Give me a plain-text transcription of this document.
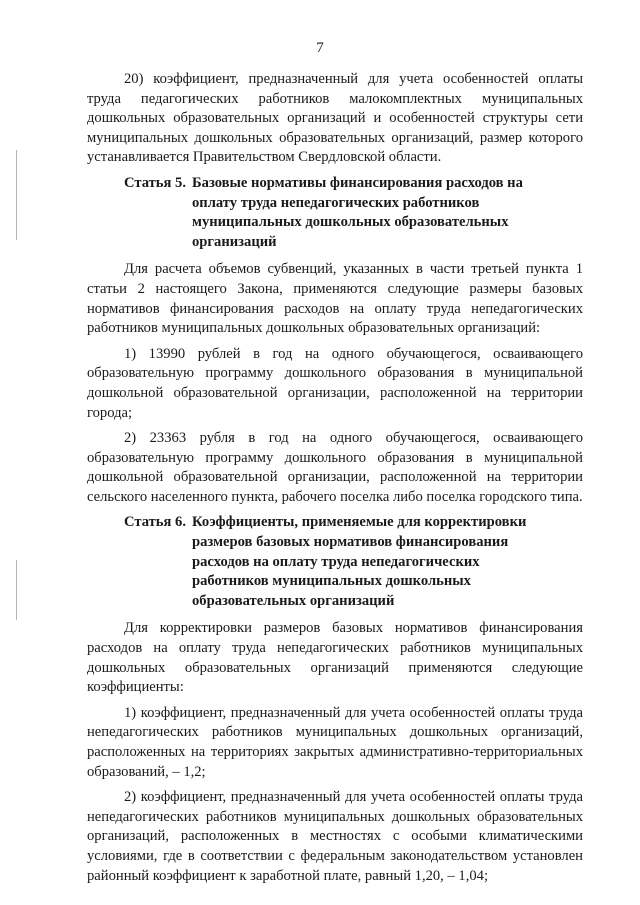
7

20) коэффициент, предназначенный для учета особенностей оплаты труда педагогических работников малокомплектных муниципальных дошкольных образовательных организаций и особенностей структуры сети муниципальных дошкольных образовательных организаций, размер которого устанавливается Правительством Свердловской области.

Статья 5. Базовые нормативы финансирования расходов на оплату труда непедагогических работников муниципальных дошкольных образовательных организаций

Для расчета объемов субвенций, указанных в части третьей пункта 1 статьи 2 настоящего Закона, применяются следующие размеры базовых нормативов финансирования расходов на оплату труда непедагогических работников муниципальных дошкольных образовательных организаций:

1) 13990 рублей в год на одного обучающегося, осваивающего образовательную программу дошкольного образования в муниципальной дошкольной образовательной организации, расположенной на территории города;

2) 23363 рубля в год на одного обучающегося, осваивающего образовательную программу дошкольного образования в муниципальной дошкольной образовательной организации, расположенной на территории сельского населенного пункта, рабочего поселка либо поселка городского типа.

Статья 6. Коэффициенты, применяемые для корректировки размеров базовых нормативов финансирования расходов на оплату труда непедагогических работников муниципальных дошкольных образовательных организаций

Для корректировки размеров базовых нормативов финансирования расходов на оплату труда непедагогических работников муниципальных дошкольных образовательных организаций применяются следующие коэффициенты:

1) коэффициент, предназначенный для учета особенностей оплаты труда непедагогических работников муниципальных дошкольных организаций, расположенных на территориях закрытых административно-территориальных образований, – 1,2;

2) коэффициент, предназначенный для учета особенностей оплаты труда непедагогических работников муниципальных дошкольных образовательных организаций, расположенных в местностях с особыми климатическими условиями, где в соответствии с федеральным законодательством установлен районный коэффициент к заработной плате, равный 1,20, – 1,04;
